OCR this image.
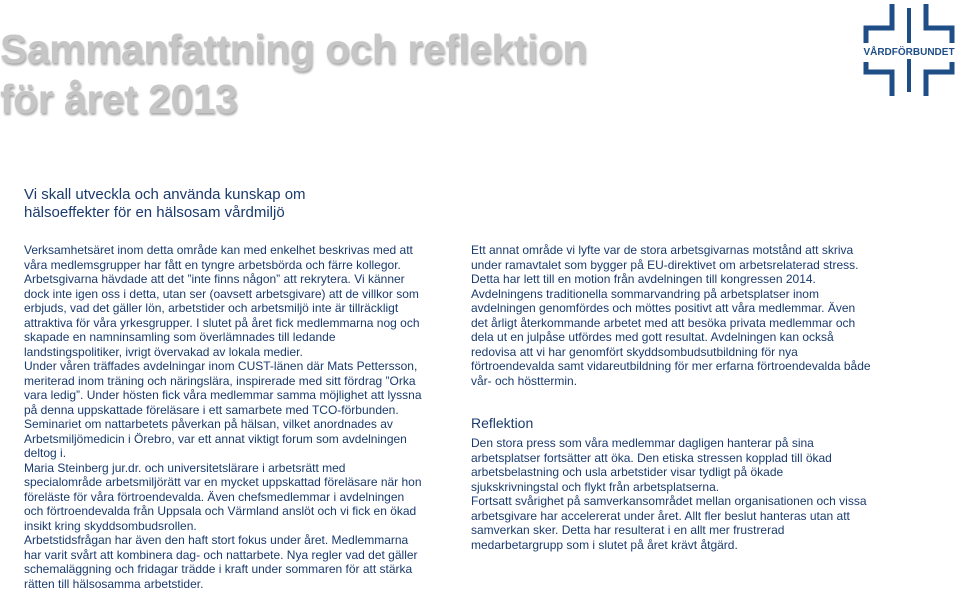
Sammanfattning och reflektion
för året 2013
VÅRDFÖRBUNDET
Vi skall utveckla och använda kunskap om
hälsoeffekter för en hälsosam vårdmiljö

Verksamhetsäret inom detta område kan med enkelhet beskrivas med att våra medlemsgrupper har fått en tyngre arbetsbörda och färre kollegor. Arbetsgivarna hävdade att det ”inte finns någon” att rekrytera. Vi känner dock inte igen oss i detta, utan ser (oavsett arbetsgivare) att de villkor som erbjuds, vad det gäller lön, arbetstider och arbetsmiljö inte är tillräckligt attraktiva för våra yrkesgrupper. I slutet på året fick medlemmarna nog och skapade en namninsamling som överlämnades till ledande landstingspolitiker, ivrigt övervakad av lokala medier.

Under våren träffades avdelningar inom CUST-länen där Mats Pettersson, meriterad inom träning och näringslära, inspirerade med sitt fördrag ”Orka vara ledig”. Under hösten fick våra medlemmar samma möjlighet att lyssna på denna uppskattade föreläsare i ett samarbete med TCO-förbunden. Seminariet om nattarbetets påverkan på hälsan, vilket anordnades av Arbetsmiljömedicin i Örebro, var ett annat viktigt forum som avdelningen deltog i.

Maria Steinberg jur.dr. och universitetslärare i arbetsrätt med specialområde arbetsmiljörätt var en mycket uppskattad föreläsare när hon föreläste för våra förtroendevalda. Även chefsmedlemmar i avdelningen och förtroendevalda från Uppsala och Värmland anslöt och vi fick en ökad insikt kring skyddsombudsrollen.

Arbetstidsfrågan har även den haft stort fokus under året. Medlemmarna har varit svårt att kombinera dag- och nattarbete. Nya regler vad det gäller schemaläggning och fridagar trädde i kraft under sommaren för att stärka rätten till hälsosamma arbetstider.

Ett annat område vi lyfte var de stora arbetsgivarnas motstånd att skriva under ramavtalet som bygger på EU-direktivet om arbetsrelaterad stress. Detta har lett till en motion från avdelningen till kongressen 2014.

Avdelningens traditionella sommarvandring på arbetsplatser inom avdelningen genomfördes och möttes positivt att våra medlemmar. Även det årligt återkommande arbetet med att besöka privata medlemmar och dela ut en julpåse utfördes med gott resultat. Avdelningen kan också redovisa att vi har genomfört skyddsombudsutbildning för nya förtroendevalda samt vidareutbildning för mer erfarna förtroendevalda både vår- och hösttermin.

Reflektion

Den stora press som våra medlemmar dagligen hanterar på sina arbetsplatser fortsätter att öka. Den etiska stressen kopplad till ökad arbetsbelastning och usla arbetstider visar tydligt på ökade sjukskrivningstal och flykt från arbetsplatserna.

Fortsatt svårighet på samverkansområdet mellan organisationen och vissa arbetsgivare har accelererat under året. Allt fler beslut hanteras utan att samverkan sker. Detta har resulterat i en allt mer frustrerad medarbetargrupp som i slutet på året krävt åtgärd.
